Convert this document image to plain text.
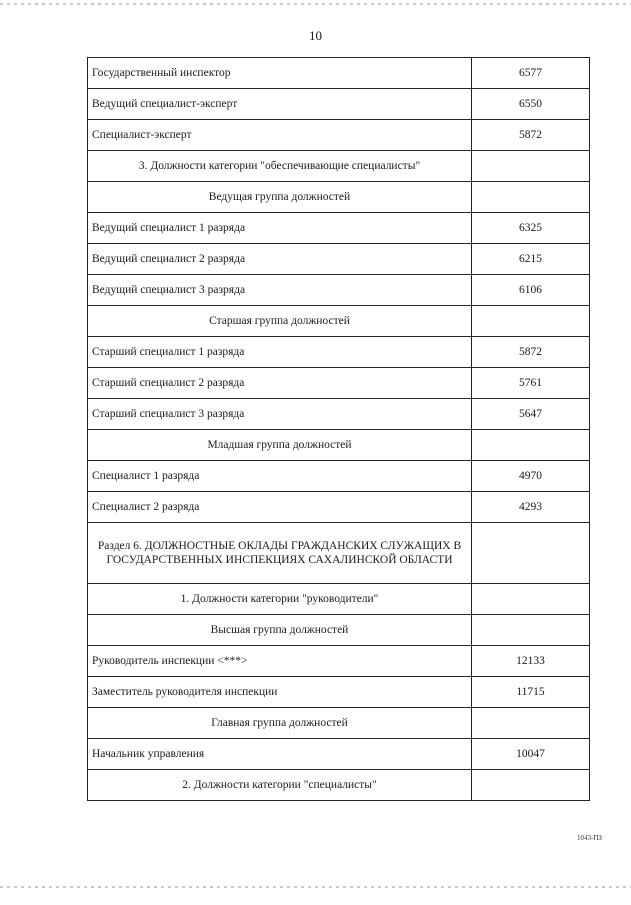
10
Государственный инспектор	6577
Ведущий специалист-эксперт	6550
Специалист-эксперт	5872
3. Должности категории "обеспечивающие специалисты"	
Ведущая группа должностей	
Ведущий специалист 1 разряда	6325
Ведущий специалист 2 разряда	6215
Ведущий специалист 3 разряда	6106
Старшая группа должностей	
Старший специалист 1 разряда	5872
Старший специалист 2 разряда	5761
Старший специалист 3 разряда	5647
Младшая группа должностей	
Специалист 1 разряда	4970
Специалист 2 разряда	4293
Раздел 6. ДОЛЖНОСТНЫЕ ОКЛАДЫ ГРАЖДАНСКИХ СЛУЖАЩИХ В ГОСУДАРСТВЕННЫХ ИНСПЕКЦИЯХ САХАЛИНСКОЙ ОБЛАСТИ	
1. Должности категории "руководители"	
Высшая группа должностей	
Руководитель инспекции <***>	12133
Заместитель руководителя инспекции	11715
Главная группа должностей	
Начальник управления	10047
2. Должности категории "специалисты"	
1043-ПЗ
